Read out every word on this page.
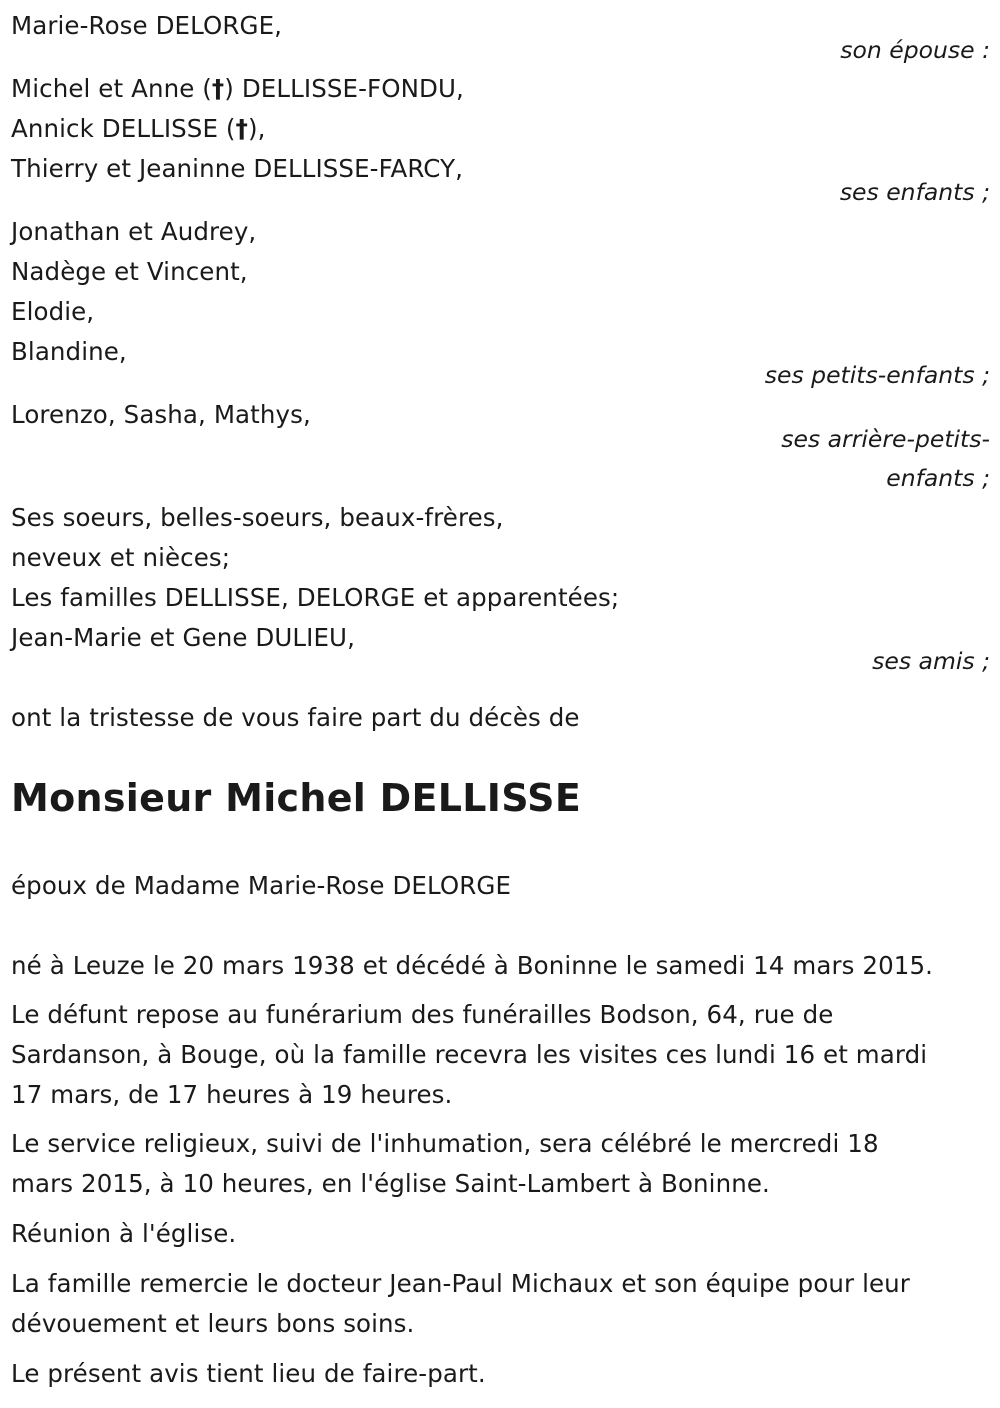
Marie-Rose DELORGE,
son épouse :
Michel et Anne (†) DELLISSE-FONDU,
Annick DELLISSE (†),
Thierry et Jeaninne DELLISSE-FARCY,
ses enfants ;
Jonathan et Audrey,
Nadège et Vincent,
Elodie,
Blandine,
ses petits-enfants ;
Lorenzo, Sasha, Mathys,
ses arrière-petits-
enfants ;
Ses soeurs, belles-soeurs, beaux-frères,
neveux et nièces;
Les familles DELLISSE, DELORGE et apparentées;
Jean-Marie et Gene DULIEU,
ses amis ;
ont la tristesse de vous faire part du décès de
Monsieur Michel DELLISSE
époux de Madame Marie-Rose DELORGE
né à Leuze le 20 mars 1938 et décédé à Boninne le samedi 14 mars 2015.
Le défunt repose au funérarium des funérailles Bodson, 64, rue de
Sardanson, à Bouge, où la famille recevra les visites ces lundi 16 et mardi
17 mars, de 17 heures à 19 heures.
Le service religieux, suivi de l'inhumation, sera célébré le mercredi 18
mars 2015, à 10 heures, en l'église Saint-Lambert à Boninne.
Réunion à l'église.
La famille remercie le docteur Jean-Paul Michaux et son équipe pour leur
dévouement et leurs bons soins.
Le présent avis tient lieu de faire-part.
